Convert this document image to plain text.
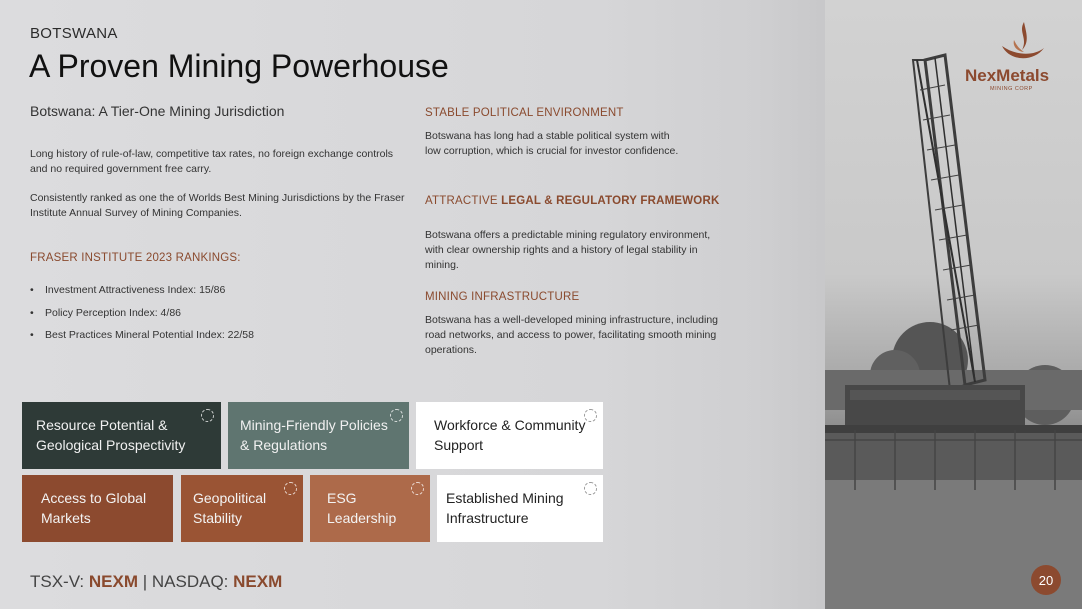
NexMetals
MINING CORP
BOTSWANA
A Proven Mining Powerhouse
Botswana: A Tier-One Mining Jurisdiction
Long history of rule-of-law, competitive tax rates, no foreign exchange controls and no required government free carry.
Consistently ranked as one the of Worlds Best Mining Jurisdictions by the Fraser Institute Annual Survey of Mining Companies.
FRASER INSTITUTE 2023 RANKINGS:
•	Investment Attractiveness Index: 15/86
•	Policy Perception Index: 4/86
•	Best Practices Mineral Potential Index: 22/58
STABLE POLITICAL ENVIRONMENT
Botswana has long had a stable political system with low corruption, which is crucial for investor confidence.
ATTRACTIVE LEGAL & REGULATORY FRAMEWORK
Botswana offers a predictable mining regulatory environment, with clear ownership rights and a history of legal stability in mining.
MINING INFRASTRUCTURE
Botswana has a well-developed mining infrastructure, including road networks, and access to power, facilitating smooth mining operations.
Resource Potential & Geological Prospectivity
Mining-Friendly Policies & Regulations
Workforce & Community Support
Access to Global Markets
Geopolitical Stability
ESG Leadership
Established Mining Infrastructure
TSX-V: NEXM | NASDAQ: NEXM	20
